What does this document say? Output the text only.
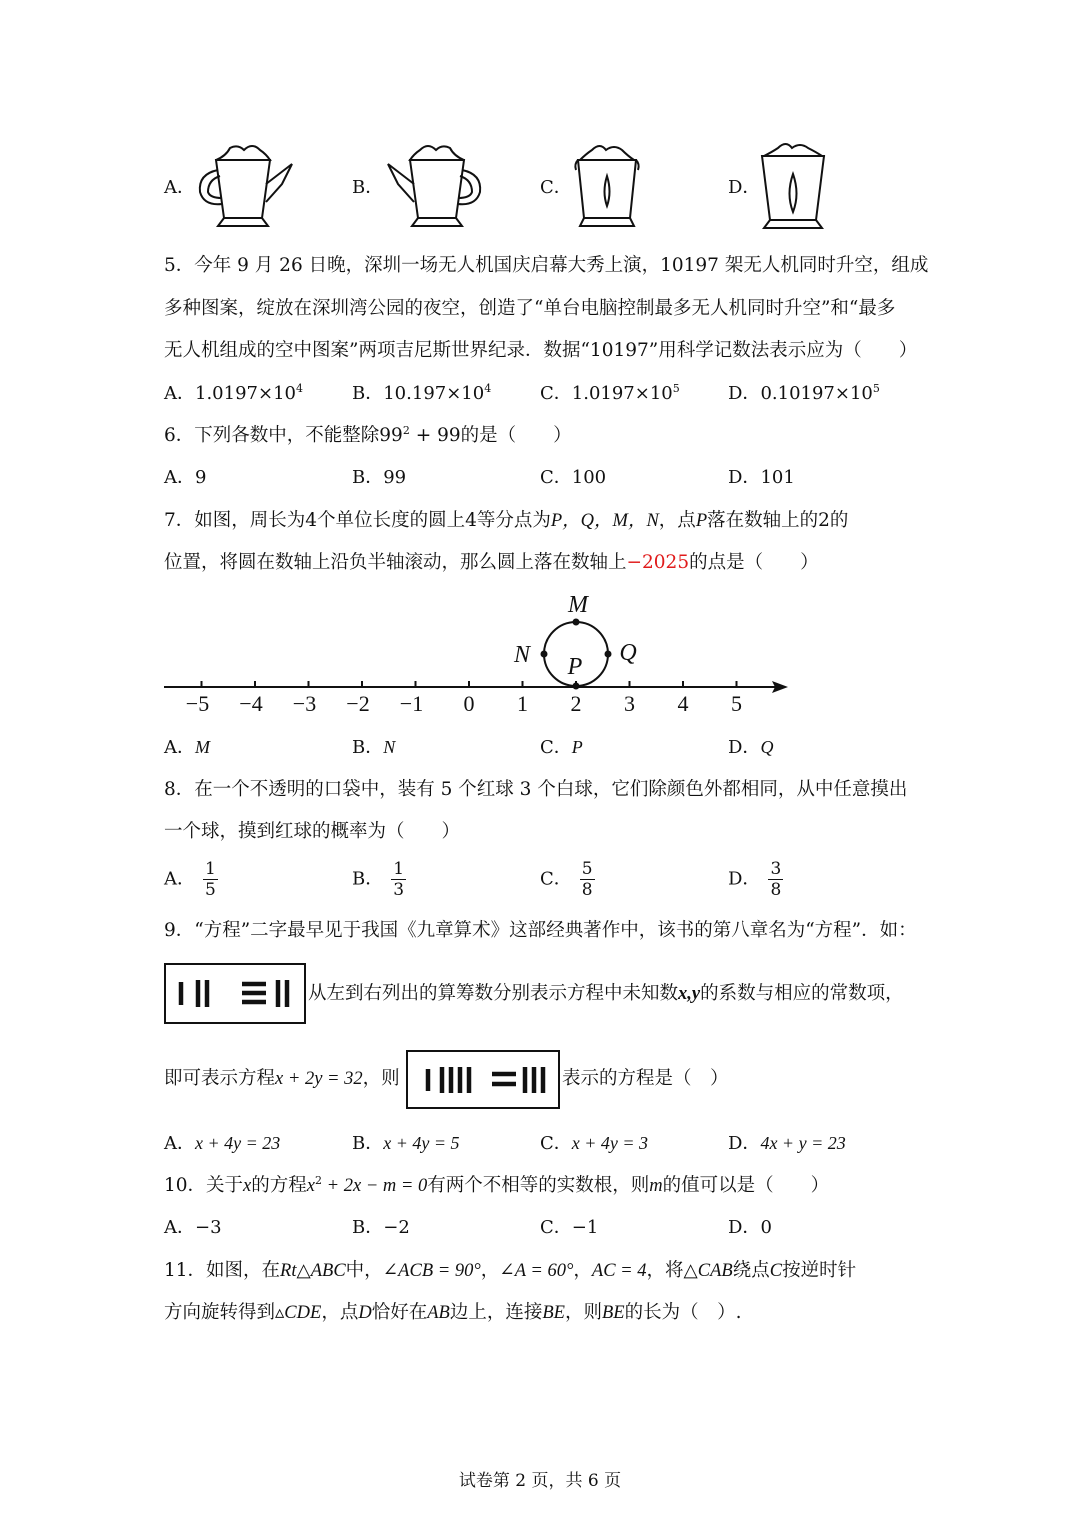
A．	B．	C．	D．
5．今年 9 月 26 日晚，深圳一场无人机国庆启幕大秀上演，10197 架无人机同时升空，组成
多种图案，绽放在深圳湾公园的夜空，创造了“单台电脑控制最多无人机同时升空”和“最多
无人机组成的空中图案”两项吉尼斯世界纪录．数据“10197”用科学记数法表示应为（　　）
A．$1.0197\times 10^4$	B．$10.197\times 10^4$	C．$1.0197\times 10^5$	D．$0.10197\times 10^5$
6．下列各数中，不能整除$99^2 + 99$的是（　　）
A．9	B．99	C．100	D．101
7．如图，周长为4个单位长度的圆上4等分点为P，Q，M，N，点P落在数轴上的2的
位置，将圆在数轴上沿负半轴滚动，那么圆上落在数轴上−2025的点是（　　）
−5 −4 −3 −2 −1 0 1 2 3 4 5
M
N	Q
P
A．M	B．N	C．P	D．Q
8．在一个不透明的口袋中，装有 5 个红球 3 个白球，它们除颜色外都相同，从中任意摸出
一个球，摸到红球的概率为（　　）
A． $\frac{1}{5}$	B． $\frac{1}{3}$	C． $\frac{5}{8}$	D． $\frac{3}{8}$
9．“方程”二字最早见于我国《九章算术》这部经典著作中，该书的第八章名为“方程”．如：
从左到右列出的算筹数分别表示方程中未知数x,y的系数与相应的常数项，
即可表示方程x + 2y = 32，则	表示的方程是（　）
A．x + 4y = 23	B．x + 4y = 5	C．x + 4y = 3	D．4x + y = 23
10．关于x的方程$x^2 + 2x - m = 0$有两个不相等的实数根，则m的值可以是（　　）
A．−3	B．−2	C．−1	D．0
11．如图，在Rt△ABC中，∠ACB = 90°，∠A = 60°，AC = 4，将△CAB绕点C按逆时针
方向旋转得到▵CDE，点D恰好在AB边上，连接BE，则BE的长为（　）.
试卷第 2 页，共 6 页
